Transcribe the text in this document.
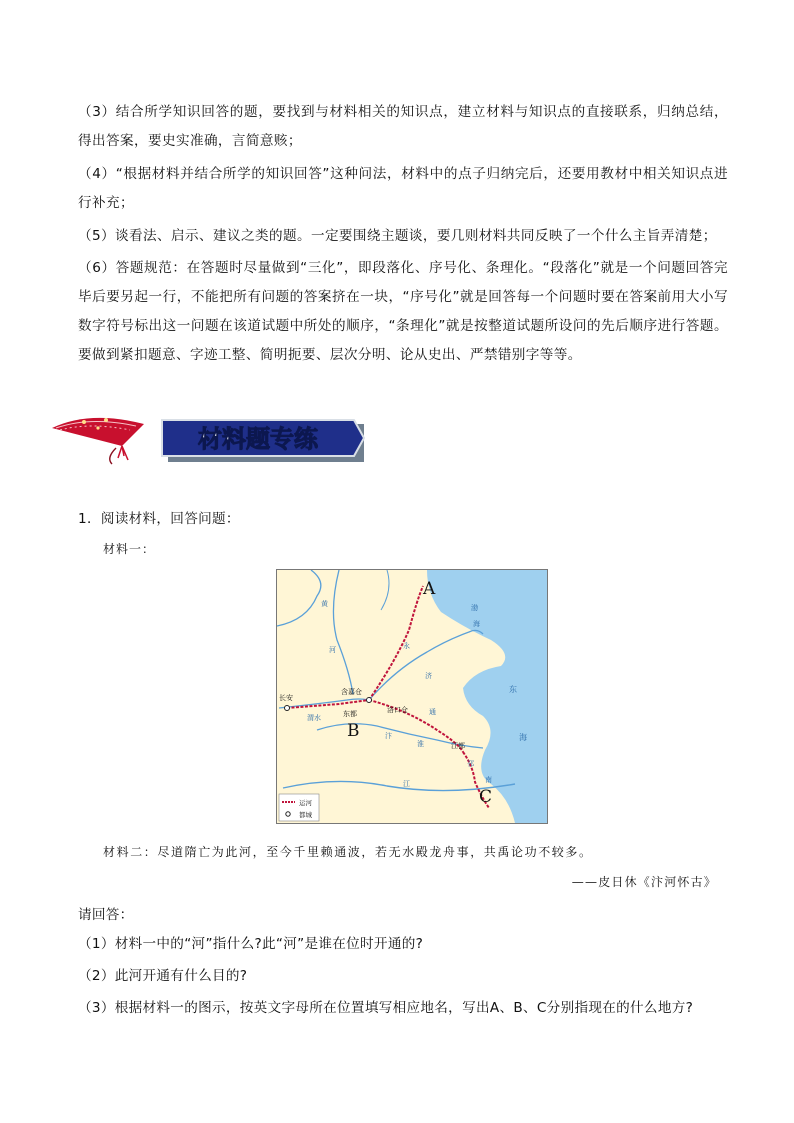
（3）结合所学知识回答的题，要找到与材料相关的知识点，建立材料与知识点的直接联系，归纳总结，得出答案，要史实准确，言简意赅；
（4）“根据材料并结合所学的知识回答”这种问法，材料中的点子归纳完后，还要用教材中相关知识点进行补充；
（5）谈看法、启示、建议之类的题。一定要围绕主题谈，要几则材料共同反映了一个什么主旨弄清楚；
（6）答题规范：在答题时尽量做到“三化”，即段落化、序号化、条理化。“段落化”就是一个问题回答完毕后要另起一行，不能把所有问题的答案挤在一块，“序号化”就是回答每一个问题时要在答案前用大小写数字符号标出这一问题在该道试题中所处的顺序，“条理化”就是按整道试题所设问的先后顺序进行答题。要做到紧扣题意、字迹工整、简明扼要、层次分明、论从史出、严禁错别字等等。
材料题专练
1．阅读材料，回答问题：
材料一：
长安
含嘉仓
洛口仓
东都
江都
渤
海
东
海
黄
河
渭水
江
淮
永
济
汴
通
邗
南
A
B
C
运河
都城
材料二：尽道隋亡为此河，至今千里赖通波，若无水殿龙舟事，共禹论功不较多。
——皮日休《汴河怀古》
请回答：
（1）材料一中的“河”指什么?此“河”是谁在位时开通的?
（2）此河开通有什么目的?
（3）根据材料一的图示，按英文字母所在位置填写相应地名，写出A、B、C分别指现在的什么地方?
